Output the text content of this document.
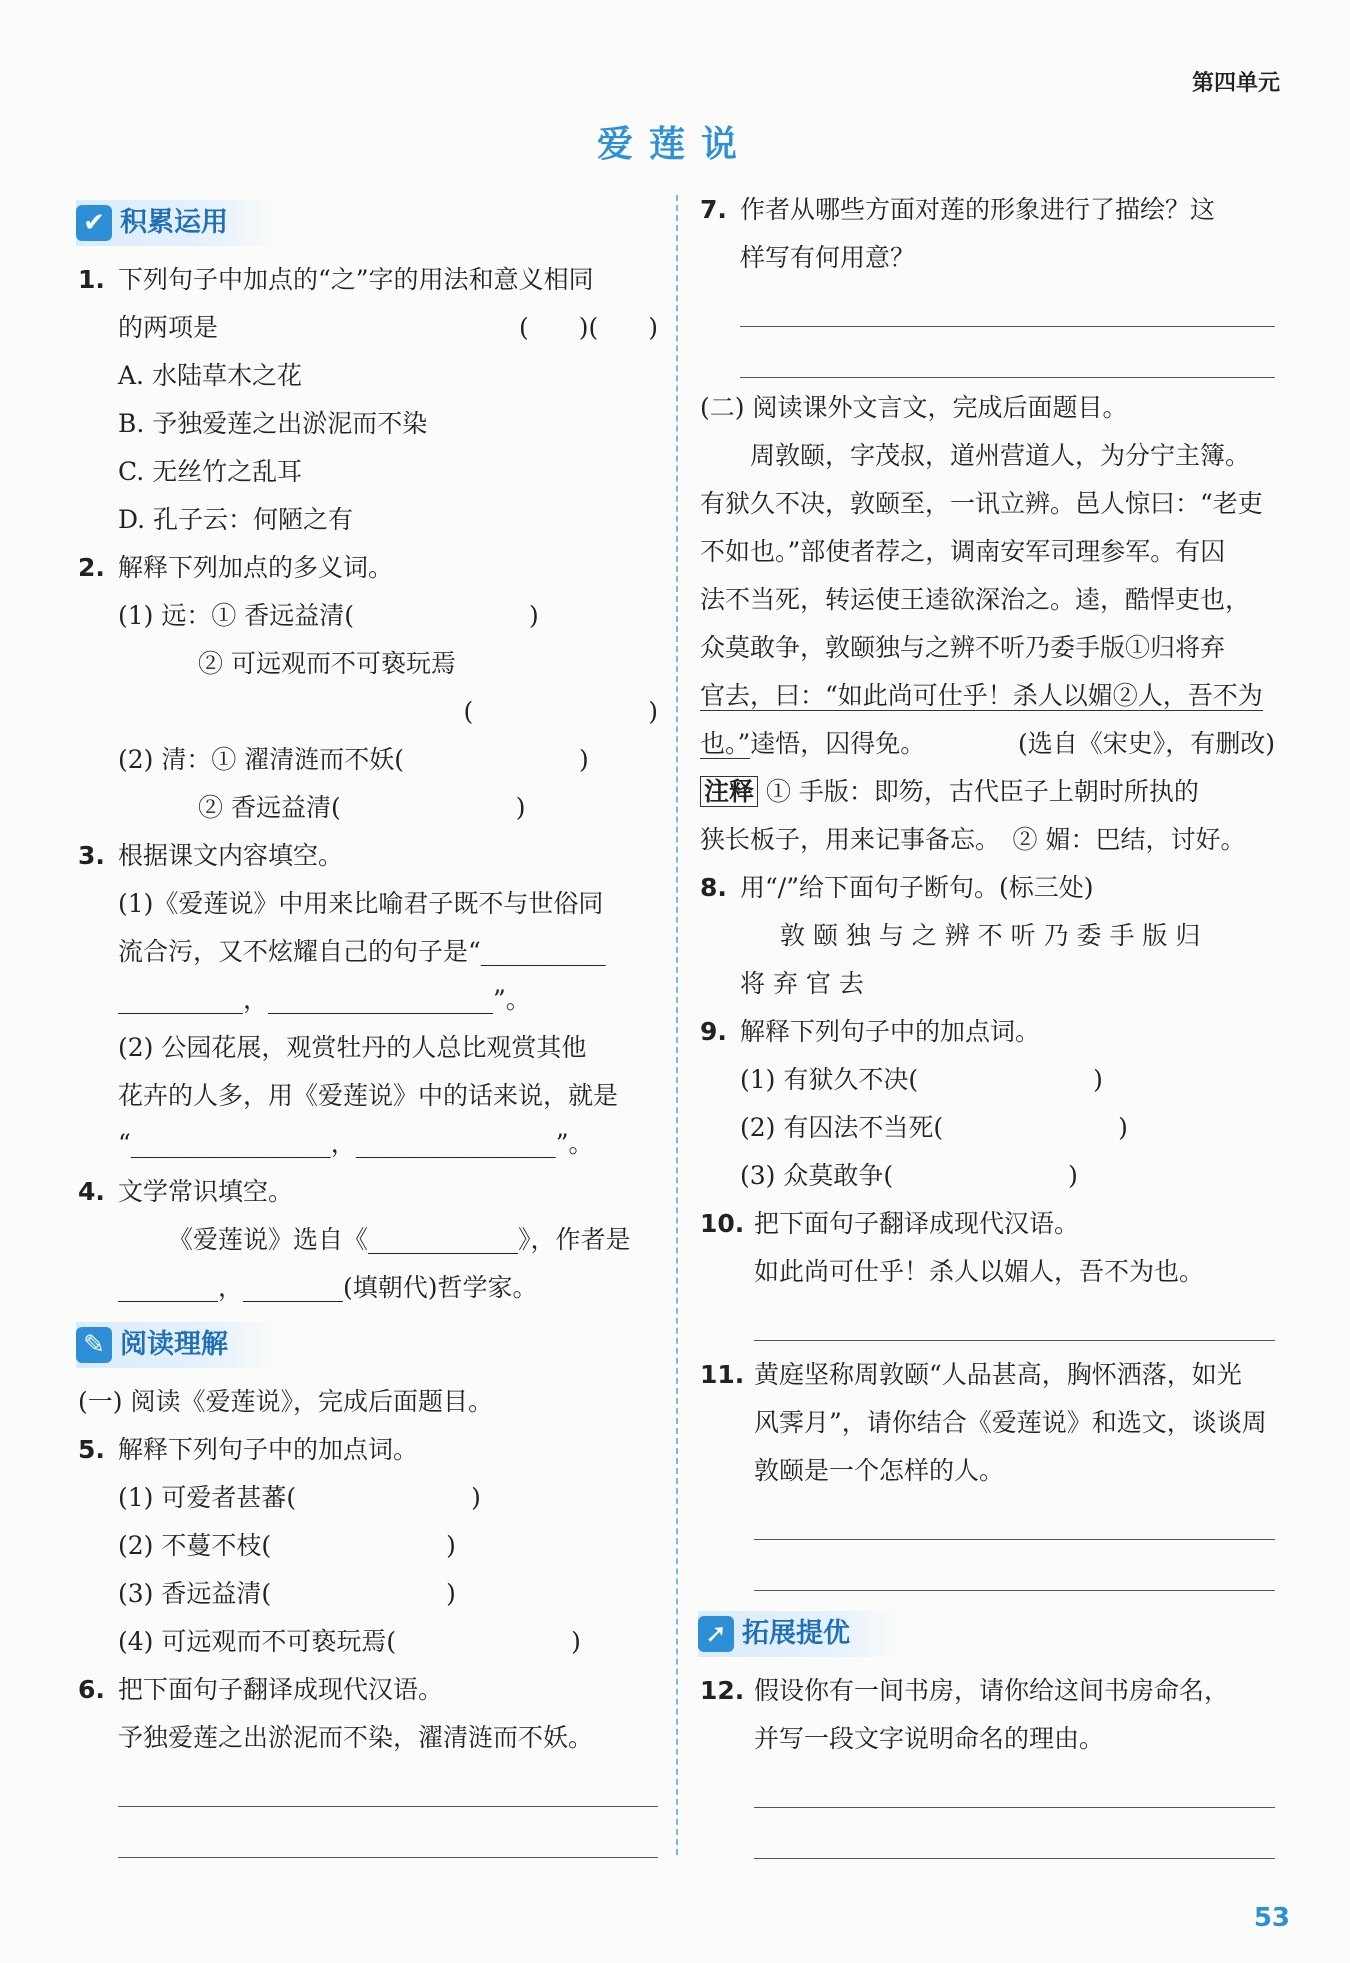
第四单元
爱莲说
✔ 积累运用
1. 下列句子中加点的“之”字的用法和意义相同
的两项是	(　　)(　　)
A. 水陆草木之花
B. 予独爱莲之出淤泥而不染
C. 无丝竹之乱耳
D. 孔子云：何陋之有
2. 解释下列加点的多义词。
(1) 远：① 香远益清(　　　　　　　)
② 可远观而不可亵玩焉
(　　　　　　　)
(2) 清：① 濯清涟而不妖(　　　　　　　)
② 香远益清(　　　　　　　)
3. 根据课文内容填空。
(1)《爱莲说》中用来比喻君子既不与世俗同
流合污，又不炫耀自己的句子是“__________
__________，__________________”。
(2) 公园花展，观赏牡丹的人总比观赏其他
花卉的人多，用《爱莲说》中的话来说，就是
“________________，________________”。
4. 文学常识填空。
《爱莲说》选自《____________》，作者是
________，________(填朝代)哲学家。
✎ 阅读理解
(一) 阅读《爱莲说》，完成后面题目。
5. 解释下列句子中的加点词。
(1) 可爱者甚蕃(　　　　　　　)
(2) 不蔓不枝(　　　　　　　)
(3) 香远益清(　　　　　　　)
(4) 可远观而不可亵玩焉(　　　　　　　)
6. 把下面句子翻译成现代汉语。
予独爱莲之出淤泥而不染，濯清涟而不妖。
7. 作者从哪些方面对莲的形象进行了描绘？这
样写有何用意？
(二) 阅读课外文言文，完成后面题目。
　　周敦颐，字茂叔，道州营道人，为分宁主簿。
有狱久不决，敦颐至，一讯立辨。邑人惊曰：“老吏
不如也。”部使者荐之，调南安军司理参军。有囚
法不当死，转运使王逵欲深治之。逵，酷悍吏也，
众莫敢争，敦颐独与之辨不听乃委手版①归将弃
官去，曰：“如此尚可仕乎！杀人以媚②人，吾不为
也。”逵悟，囚得免。	(选自《宋史》，有删改)
注释 ① 手版：即笏，古代臣子上朝时所执的
狭长板子，用来记事备忘。　② 媚：巴结，讨好。
8. 用“/”给下面句子断句。(标三处)
敦 颐 独 与 之 辨 不 听 乃 委 手 版 归
将 弃 官 去
9. 解释下列句子中的加点词。
(1) 有狱久不决(　　　　　　　)
(2) 有囚法不当死(　　　　　　　)
(3) 众莫敢争(　　　　　　　)
10. 把下面句子翻译成现代汉语。
如此尚可仕乎！杀人以媚人，吾不为也。
11. 黄庭坚称周敦颐“人品甚高，胸怀洒落，如光
风霁月”，请你结合《爱莲说》和选文，谈谈周
敦颐是一个怎样的人。
➚ 拓展提优
12. 假设你有一间书房，请你给这间书房命名，
并写一段文字说明命名的理由。
53
